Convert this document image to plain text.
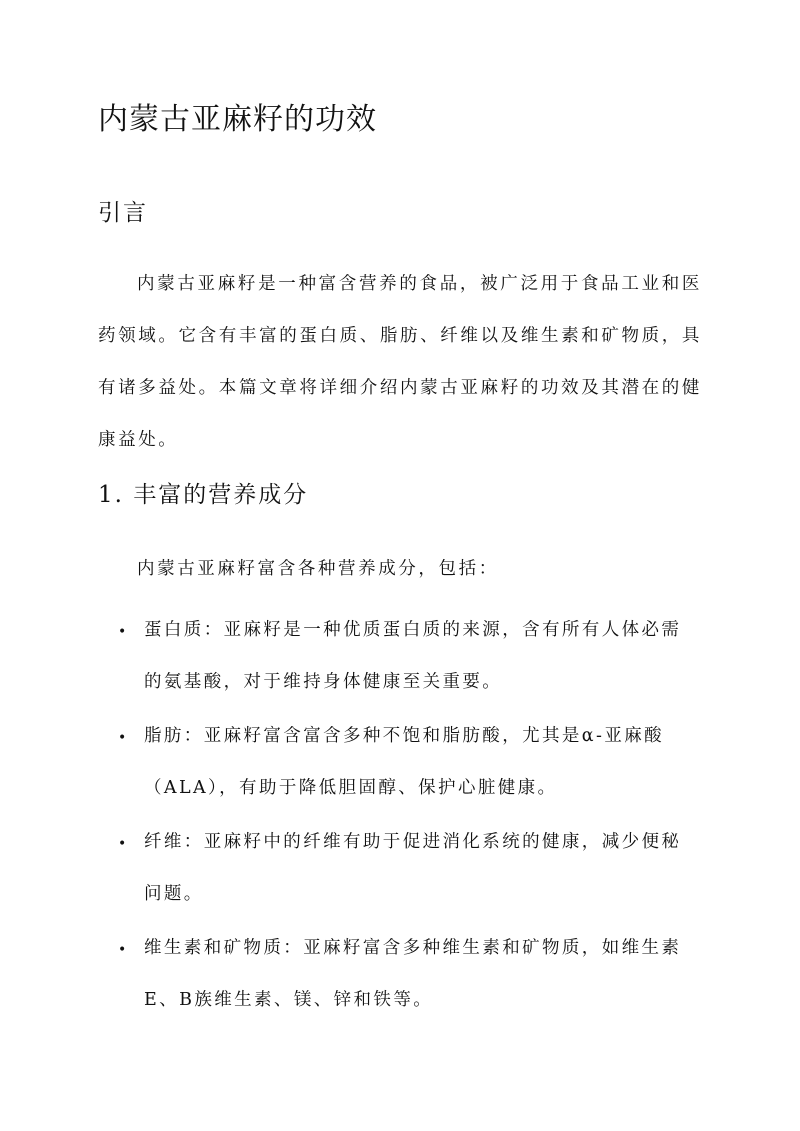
内蒙古亚麻籽的功效
引言

内蒙古亚麻籽是一种富含营养的食品，被广泛用于食品工业和医药领域。它含有丰富的蛋白质、脂肪、纤维以及维生素和矿物质，具有诸多益处。本篇文章将详细介绍内蒙古亚麻籽的功效及其潜在的健康益处。

1. 丰富的营养成分

内蒙古亚麻籽富含各种营养成分，包括：

• 蛋白质：亚麻籽是一种优质蛋白质的来源，含有所有人体必需的氨基酸，对于维持身体健康至关重要。
• 脂肪：亚麻籽富含富含多种不饱和脂肪酸，尤其是α-亚麻酸（ALA），有助于降低胆固醇、保护心脏健康。
• 纤维：亚麻籽中的纤维有助于促进消化系统的健康，减少便秘问题。
• 维生素和矿物质：亚麻籽富含多种维生素和矿物质，如维生素E、B族维生素、镁、锌和铁等。
